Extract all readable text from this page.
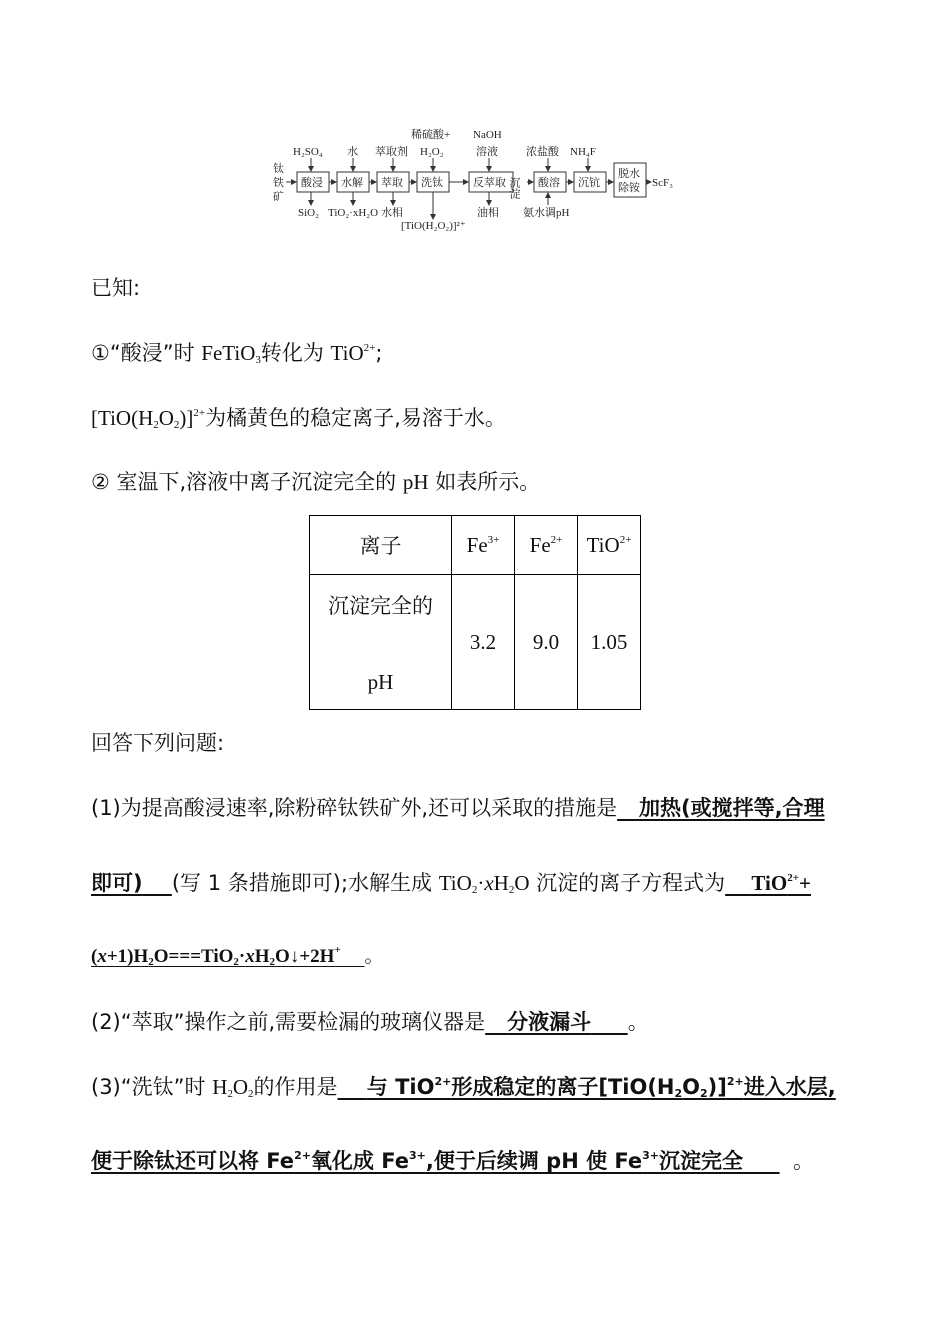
钛
铁
矿
酸浸 水解 萃取 洗钛	反萃取 沉淀 酸溶 沉钪
脱水
除铵 ScF₃
H₂SO₄ 水 萃取剂
稀硫酸+
H₂O₂
NaOH
溶液	浓盐酸 NH₄F
SiO₂ TiO₂·xH₂O 水相
[TiO(H₂O₂)]²⁺
油相 氨水调pH
已知:
①“酸浸”时 FeTiO$_3$转化为 TiO$^{2+}$;
$[TiO(H_2O_2)]^{2+}$为橘黄色的稳定离子,易溶于水。
② 室温下,溶液中离子沉淀完全的 pH 如表所示。
离子	$Fe^{3+}$	$Fe^{2+}$	TiO$^{2+}$

沉淀完全的
pH	3.2	9.0	1.05
回答下列问题:
(1)为提高酸浸速率,除粉碎钛铁矿外,还可以采取的措施是 加热(或搅拌等,合理
即可) (写 1 条措施即可);水解生成 $TiO_2\cdot xH_2O$ 沉淀的离子方程式为 TiO$^{2+}$+
$(x+1)H_2O===TiO_2\cdot xH_2O↓+2H^+$ 。
(2)“萃取”操作之前,需要检漏的玻璃仪器是 分液漏斗 。
(3)“洗钛”时 $H_2O_2$的作用是 与 TiO$^{2+}$形成稳定的离子$[TiO(H_2O_2)]^{2+}$进入水层,
便于除钛还可以将 $Fe^{2+}$氧化成 $Fe^{3+}$,便于后续调 pH 使 $Fe^{3+}$沉淀完全 。
